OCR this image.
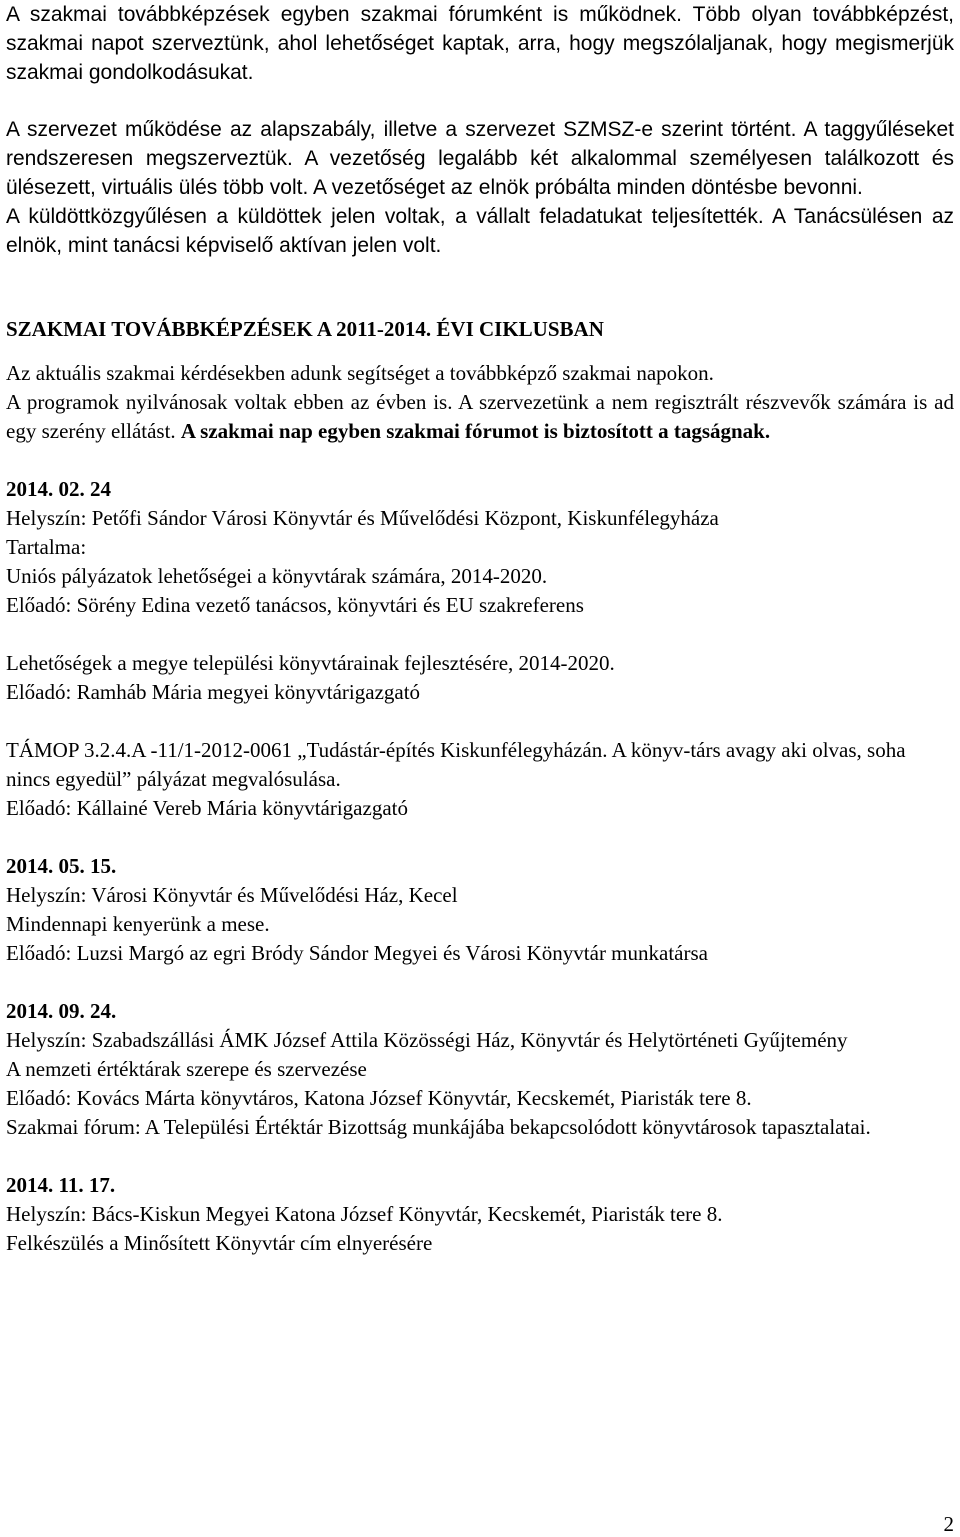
A szakmai továbbképzések egyben szakmai fórumként is működnek. Több olyan továbbképzést, szakmai napot szerveztünk, ahol lehetőséget kaptak, arra, hogy megszólaljanak, hogy megismerjük szakmai gondolkodásukat.

A szervezet működése az alapszabály, illetve a szervezet SZMSZ-e szerint történt. A taggyűléseket rendszeresen megszerveztük. A vezetőség legalább két alkalommal személyesen találkozott és ülésezett, virtuális ülés több volt. A vezetőséget az elnök próbálta minden döntésbe bevonni.

A küldöttközgyűlésen a küldöttek jelen voltak, a vállalt feladatukat teljesítették. A Tanácsülésen az elnök, mint tanácsi képviselő aktívan jelen volt.

SZAKMAI TOVÁBBKÉPZÉSEK A 2011-2014. ÉVI CIKLUSBAN

Az aktuális szakmai kérdésekben adunk segítséget a továbbképző szakmai napokon.

A programok nyilvánosak voltak ebben az évben is. A szervezetünk a nem regisztrált részvevők számára is ad egy szerény ellátást. A szakmai nap egyben szakmai fórumot is biztosított a tagságnak.

2014. 02. 24

Helyszín: Petőfi Sándor Városi Könyvtár és Művelődési Központ, Kiskunfélegyháza

Tartalma:

Uniós pályázatok lehetőségei a könyvtárak számára, 2014-2020.

Előadó: Sörény Edina vezető tanácsos, könyvtári és EU szakreferens

Lehetőségek a megye települési könyvtárainak fejlesztésére, 2014-2020.

Előadó: Ramháb Mária megyei könyvtárigazgató

TÁMOP 3.2.4.A -11/1-2012-0061 „Tudástár-építés Kiskunfélegyházán. A könyv-társ avagy aki olvas, soha nincs egyedül” pályázat megvalósulása.

Előadó: Kállainé Vereb Mária könyvtárigazgató

2014. 05. 15.

Helyszín: Városi Könyvtár és Művelődési Ház, Kecel

Mindennapi kenyerünk a mese.

Előadó: Luzsi Margó az egri Bródy Sándor Megyei és Városi Könyvtár munkatársa

2014. 09. 24.

Helyszín: Szabadszállási ÁMK József Attila Közösségi Ház, Könyvtár és Helytörténeti Gyűjtemény

A nemzeti értéktárak szerepe és szervezése

Előadó: Kovács Márta könyvtáros, Katona József Könyvtár, Kecskemét, Piaristák tere 8.

Szakmai fórum: A Települési Értéktár Bizottság munkájába bekapcsolódott könyvtárosok tapasztalatai.

2014. 11. 17.

Helyszín: Bács-Kiskun Megyei Katona József Könyvtár, Kecskemét, Piaristák tere 8.

Felkészülés a Minősített Könyvtár cím elnyerésére

2
